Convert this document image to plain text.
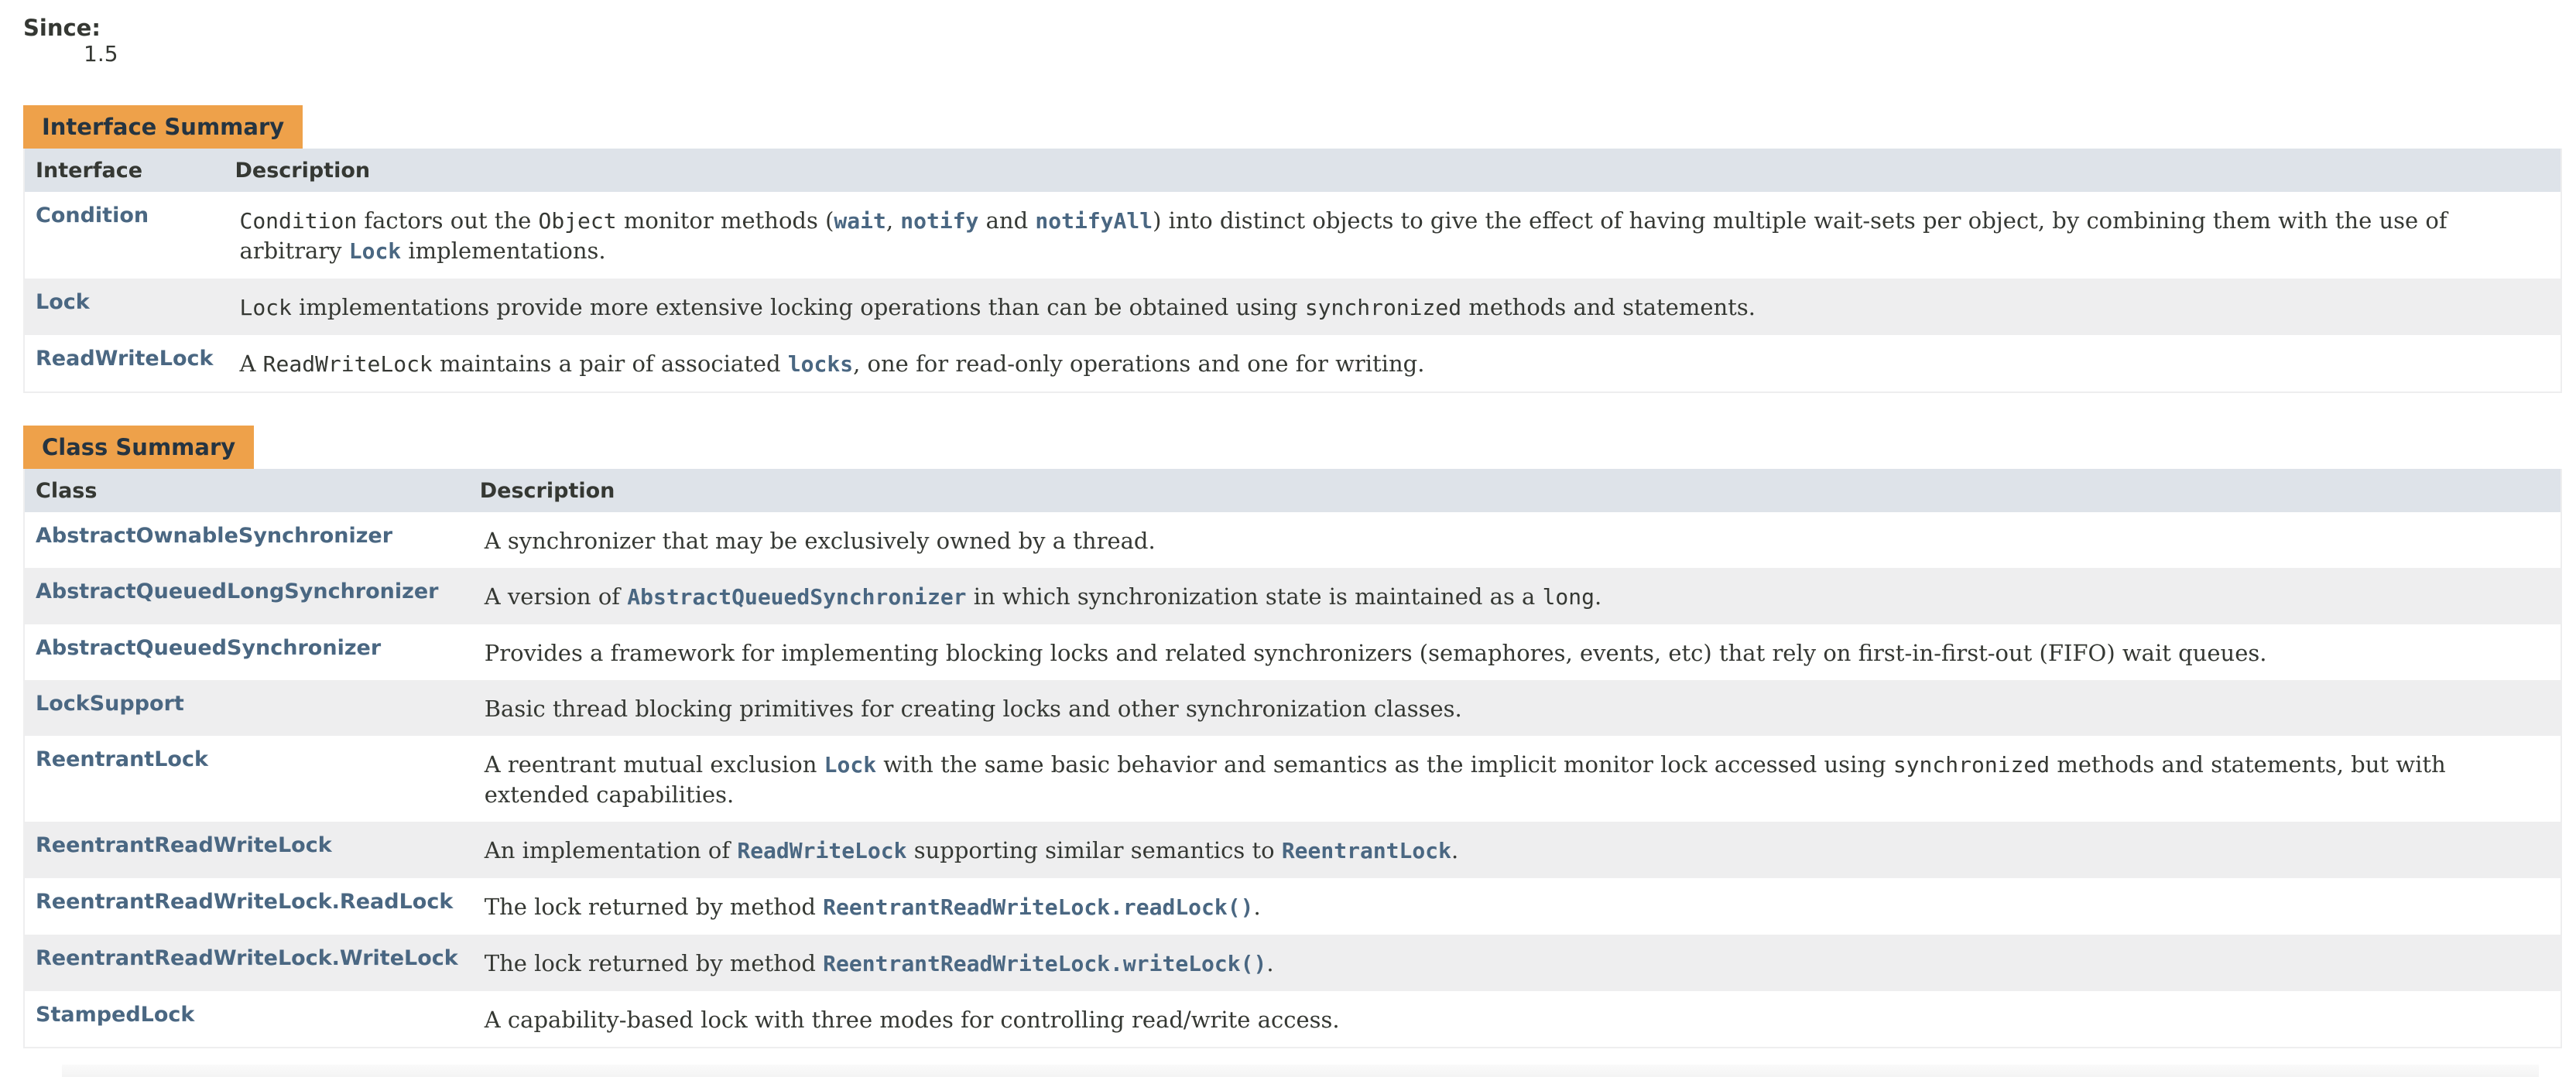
Since:
1.5
Interface Summary
Interface	Description
Condition	Condition factors out the Object monitor methods (wait, notify and notifyAll) into distinct objects to give the effect of having multiple wait-sets per object, by combining them with the use of arbitrary Lock implementations.
Lock	Lock implementations provide more extensive locking operations than can be obtained using synchronized methods and statements.
ReadWriteLock	A ReadWriteLock maintains a pair of associated locks, one for read-only operations and one for writing.
Class Summary
Class	Description
AbstractOwnableSynchronizer	A synchronizer that may be exclusively owned by a thread.
AbstractQueuedLongSynchronizer	A version of AbstractQueuedSynchronizer in which synchronization state is maintained as a long.
AbstractQueuedSynchronizer	Provides a framework for implementing blocking locks and related synchronizers (semaphores, events, etc) that rely on first-in-first-out (FIFO) wait queues.
LockSupport	Basic thread blocking primitives for creating locks and other synchronization classes.
ReentrantLock	A reentrant mutual exclusion Lock with the same basic behavior and semantics as the implicit monitor lock accessed using synchronized methods and statements, but with extended capabilities.
ReentrantReadWriteLock	An implementation of ReadWriteLock supporting similar semantics to ReentrantLock.
ReentrantReadWriteLock.ReadLock	The lock returned by method ReentrantReadWriteLock.readLock().
ReentrantReadWriteLock.WriteLock	The lock returned by method ReentrantReadWriteLock.writeLock().
StampedLock	A capability-based lock with three modes for controlling read/write access.
